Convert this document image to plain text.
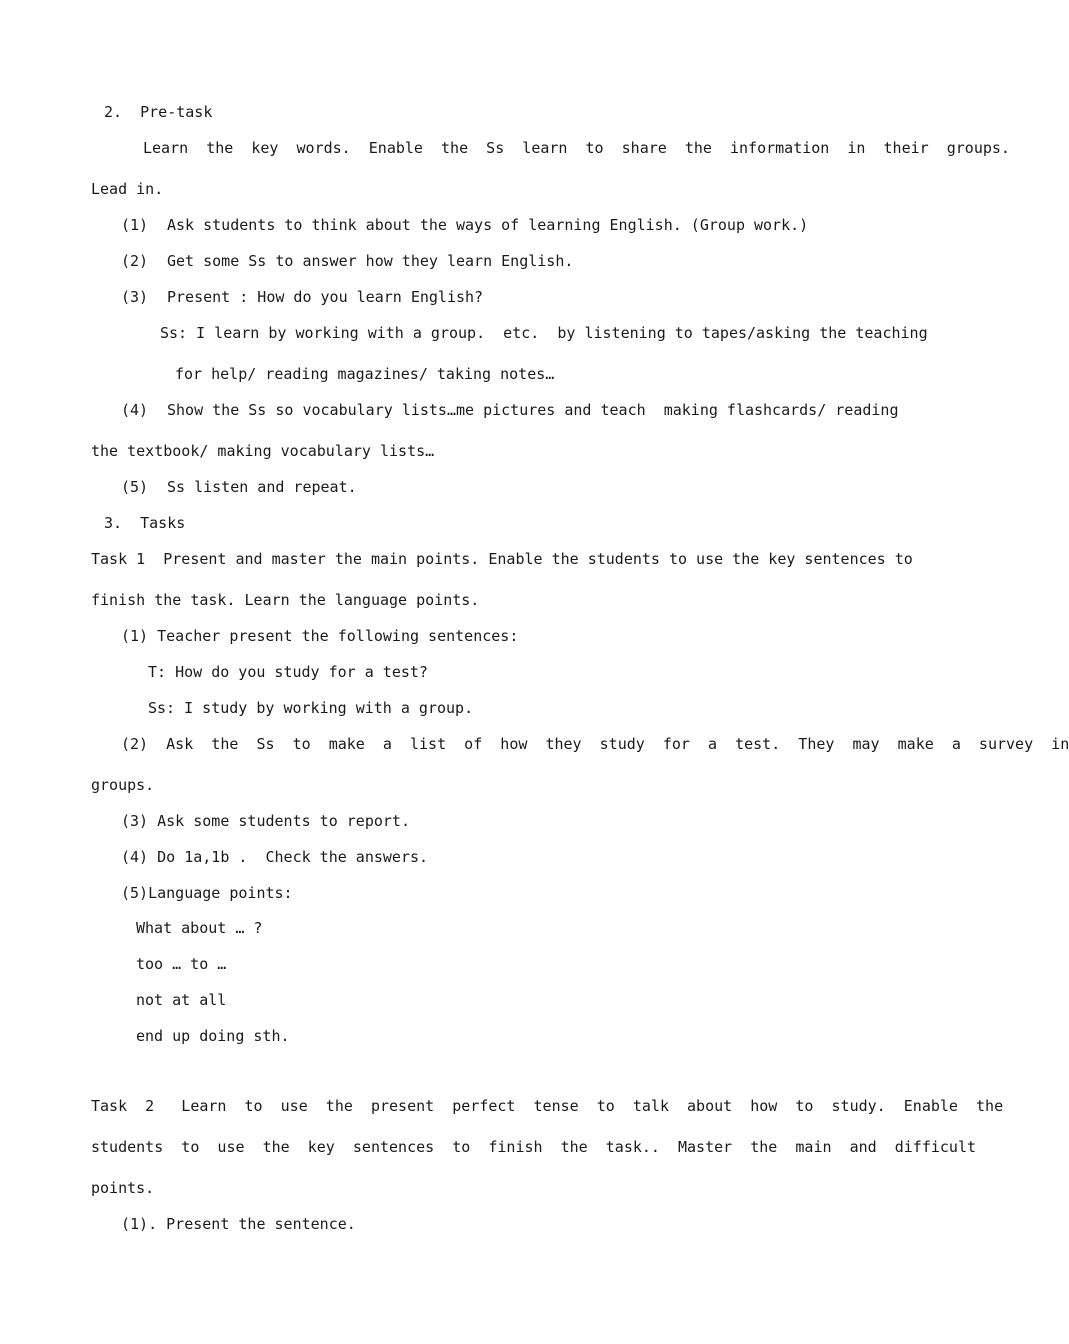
2.  Pre-task
Learn  the  key  words.  Enable  the  Ss  learn  to  share  the  information  in  their  groups.
Lead in.
(1) Ask students to think about the ways of learning English. (Group work.)
(2) Get some Ss to answer how they learn English.
(3) Present : How do you learn English?
Ss: I learn by working with a group.  etc.  by listening to tapes/asking the teaching
for help/ reading magazines/ taking notes…
(4) Show the Ss so vocabulary lists…me pictures and teach  making flashcards/ reading
the textbook/ making vocabulary lists…
(5) Ss listen and repeat.
3.  Tasks
Task 1  Present and master the main points. Enable the students to use the key sentences to
finish the task. Learn the language points.
(1) Teacher present the following sentences:
T: How do you study for a test?
Ss: I study by working with a group.
(2)  Ask  the  Ss  to  make  a  list  of  how  they  study  for  a  test.  They  may  make  a  survey  in
groups.
(3) Ask some students to report.
(4) Do 1a,1b .  Check the answers.
(5)Language points:
What about … ?
too … to …
not at all
end up doing sth.
Task  2   Learn  to  use  the  present  perfect  tense  to  talk  about  how  to  study.  Enable  the
students  to  use  the  key  sentences  to  finish  the  task..  Master  the  main  and  difficult
points.
(1). Present the sentence.
